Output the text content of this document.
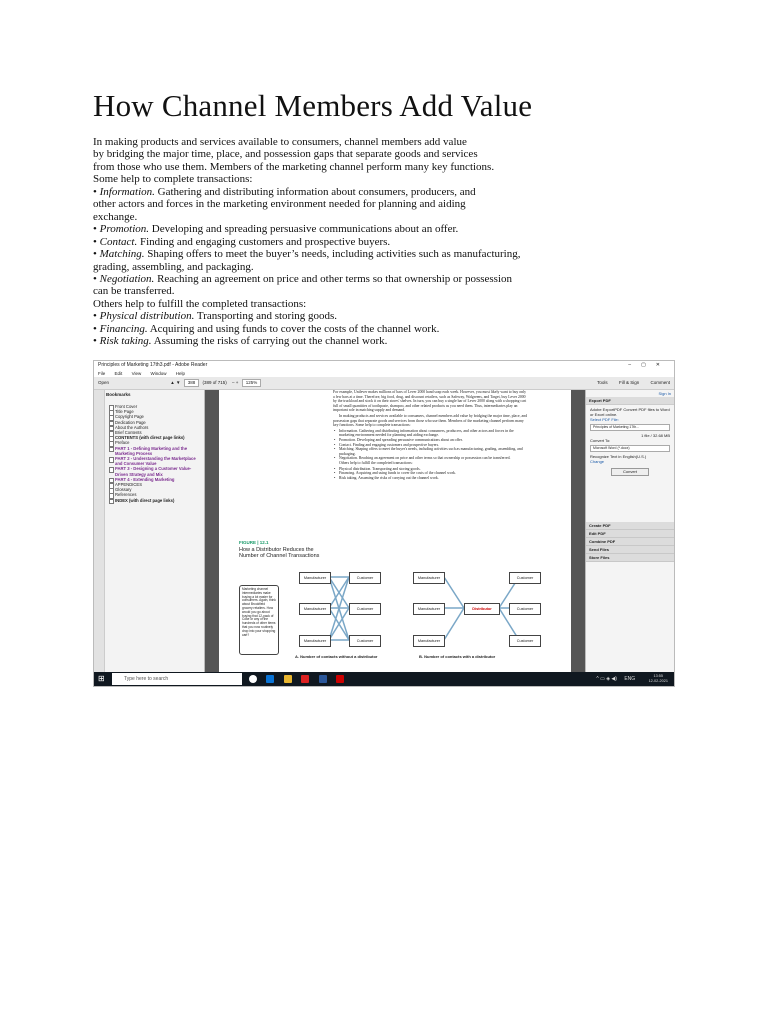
How Channel Members Add Value
In making products and services available to consumers, channel members add value
by bridging the major time, place, and possession gaps that separate goods and services
from those who use them. Members of the marketing channel perform many key functions.
Some help to complete transactions:
• Information. Gathering and distributing information about consumers, producers, and
other actors and forces in the marketing environment needed for planning and aiding
exchange.
• Promotion. Developing and spreading persuasive communications about an offer.
• Contact. Finding and engaging customers and prospective buyers.
• Matching. Shaping offers to meet the buyer’s needs, including activities such as manufacturing,
grading, assembling, and packaging.
• Negotiation. Reaching an agreement on price and other terms so that ownership or possession
can be transferred.
Others help to fulfill the completed transactions:
• Physical distribution. Transporting and storing goods.
• Financing. Acquiring and using funds to cover the costs of the channel work.
• Risk taking. Assuming the risks of carrying out the channel work.
Principles of Marketing 17th3.pdf - Adobe Reader	–▢✕
File Edit View Window Help
Open	▲ ▼ 388 (389 of 715) – + 125%	Tools	Fill & Sign	Comment
Bookmarks
Front Cover
Title Page
Copyright Page
Dedication Page
About the Authors
Brief Contents
CONTENTS (with direct page links)
Preface
PART 1 - Defining Marketing and the Marketing Process
PART 2 - Understanding the Marketplace and Consumer Value
PART 3 - Designing a Customer Value-Driven Strategy and Mix
PART 4 - Extending Marketing
APPENDICES
Glossary
References
INDEX (with direct page links)
For example, Unilever makes millions of bars of Lever 2000 hand soap each week. However, you most likely want to buy only a few bars at a time. Therefore, big food, drug, and discount retailers, such as Safeway, Walgreens, and Target, buy Lever 2000 by the truckload and stock it on their stores' shelves. In turn, you can buy a single bar of Lever 2000 along with a shopping cart full of small quantities of toothpaste, shampoo, and other related products as you need them. Thus, intermediaries play an important role in matching supply and demand.
In making products and services available to consumers, channel members add value by bridging the major time, place, and possession gaps that separate goods and services from those who use them. Members of the marketing channel perform many key functions. Some help to complete transactions:
• Information. Gathering and distributing information about consumers, producers, and other actors and forces in the marketing environment needed for planning and aiding exchange.
• Promotion. Developing and spreading persuasive communications about an offer.
• Contact. Finding and engaging customers and prospective buyers.
• Matching. Shaping offers to meet the buyer's needs, including activities such as manufacturing, grading, assembling, and packaging.
• Negotiation. Reaching an agreement on price and other terms so that ownership or possession can be transferred.
Others help to fulfill the completed transactions:
• Physical distribution. Transporting and storing goods.
• Financing. Acquiring and using funds to cover the costs of the channel work.
• Risk taking. Assuming the risks of carrying out the channel work.
FIGURE | 12.1
How a Distributor Reduces the Number of Channel Transactions
Marketing channel intermediaries make buying a lot easier for consumers. Again, think about Brookfield grocery retailers. How would you go about buying that 12-pack of Coke or any of the hundreds of other items that you now routinely drop into your shopping cart?
Manufacturer
Manufacturer
Manufacturer
Customer
Customer
Customer
Manufacturer
Manufacturer
Manufacturer
Distributor
Customer
Customer
Customer
A. Number of contacts without a distributor	B. Number of contacts with a distributor
Sign In
Export PDF
Adobe ExportPDF Convert PDF files to Word or Excel online.
Select PDF File:
Principles of Marketing 17th...
1 file / 32.68 MB
Convert To:
Microsoft Word (*.docx)
Recognize Text in English(U.S.)
Change
Convert
Create PDF
Edit PDF
Combine PDF
Send Files
Store Files
⊞	Type here to search
	^ ▭ ◈ ◀) ENG 13:55
12-02-2021
